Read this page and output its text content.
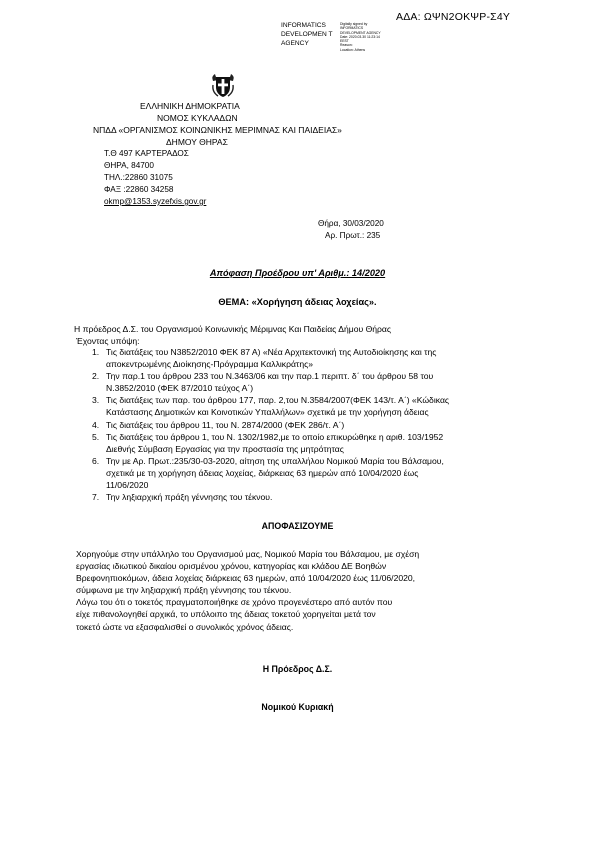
ΑΔΑ: ΩΨΝ2ΟΚΨΡ-Σ4Υ
INFORMATICS DEVELOPMEN T AGENCY
Digitally signed by
INFORMATICS
DEVELOPMENT AGENCY
Date: 2020.03.30 11:23:14
EEST
Reason:
Location: Athens
ΕΛΛΗΝΙΚΗ ΔΗΜΟΚΡΑΤΙΑ
ΝΟΜΟΣ ΚΥΚΛΑΔΩΝ
ΝΠΔΔ «ΟΡΓΑΝΙΣΜΟΣ ΚΟΙΝΩΝΙΚΗΣ ΜΕΡΙΜΝΑΣ ΚΑΙ ΠΑΙΔΕΙΑΣ»
ΔΗΜΟΥ ΘΗΡΑΣ
Τ.Θ 497 ΚΑΡΤΕΡΑΔΟΣ
ΘΗΡΑ, 84700
ΤΗΛ.:22860 31075
ΦΑΞ :22860 34258
okmp@1353.syzefxis.gov.gr
Θήρα, 30/03/2020
Αρ. Πρωτ.: 235
Απόφαση Προέδρου υπ' Αριθμ.: 14/2020
ΘΕΜΑ: «Χορήγηση άδειας λοχείας».
Η πρόεδρος Δ.Σ. του Οργανισμού Κοινωνικής Μέριμνας Και Παιδείας Δήμου Θήρας
Έχοντας υπόψη:
1. Τις διατάξεις του Ν3852/2010 ΦΕΚ 87 Α) «Νέα Αρχιτεκτονική της Αυτοδιοίκησης και της
αποκεντρωμένης Διοίκησης-Πρόγραμμα Καλλικράτης»
2. Την παρ.1 του άρθρου 233 του Ν.3463/06 και την παρ.1 περιπτ. δ΄ του άρθρου 58 του
Ν.3852/2010 (ΦΕΚ 87/2010 τεύχος Α΄)
3. Τις διατάξεις των παρ. του άρθρου 177, παρ. 2,του Ν.3584/2007(ΦΕΚ 143/τ. Α΄) «Κώδικας
Κατάστασης Δημοτικών και Κοινοτικών Υπαλλήλων» σχετικά με την χορήγηση άδειας
4. Τις διατάξεις του άρθρου 11, του Ν. 2874/2000 (ΦΕΚ 286/τ. Α΄)
5. Τις διατάξεις του άρθρου 1, του Ν. 1302/1982,με το οποίο επικυρώθηκε η αριθ. 103/1952
Διεθνής Σύμβαση Εργασίας για την προστασία της μητρότητας
6. Την με Αρ. Πρωτ.:235/30-03-2020, αίτηση της υπαλλήλου Νομικού Μαρία του Βάλσαμου,
σχετικά με τη χορήγηση άδειας λοχείας, διάρκειας 63 ημερών από 10/04/2020 έως
11/06/2020
7. Την ληξιαρχική πράξη γέννησης του τέκνου.
ΑΠΟΦΑΣΙΖΟΥΜΕ
Χορηγούμε στην υπάλληλο του Οργανισμού μας, Νομικού Μαρία του Βάλσαμου, με σχέση
εργασίας ιδιωτικού δικαίου ορισμένου χρόνου, κατηγορίας και κλάδου ΔΕ Βοηθών
Βρεφονηπιοκόμων, άδεια λοχείας διάρκειας 63 ημερών, από 10/04/2020 έως 11/06/2020,
σύμφωνα με την ληξιαρχική πράξη γέννησης του τέκνου.
Λόγω του ότι ο τοκετός πραγματοποιήθηκε σε χρόνο προγενέστερο από αυτόν που
είχε πιθανολογηθεί αρχικά, το υπόλοιπο της άδειας τοκετού χορηγείται μετά τον
τοκετό ώστε να εξασφαλισθεί ο συνολικός χρόνος άδειας.
Η Πρόεδρος Δ.Σ.
Νομικού Κυριακή
